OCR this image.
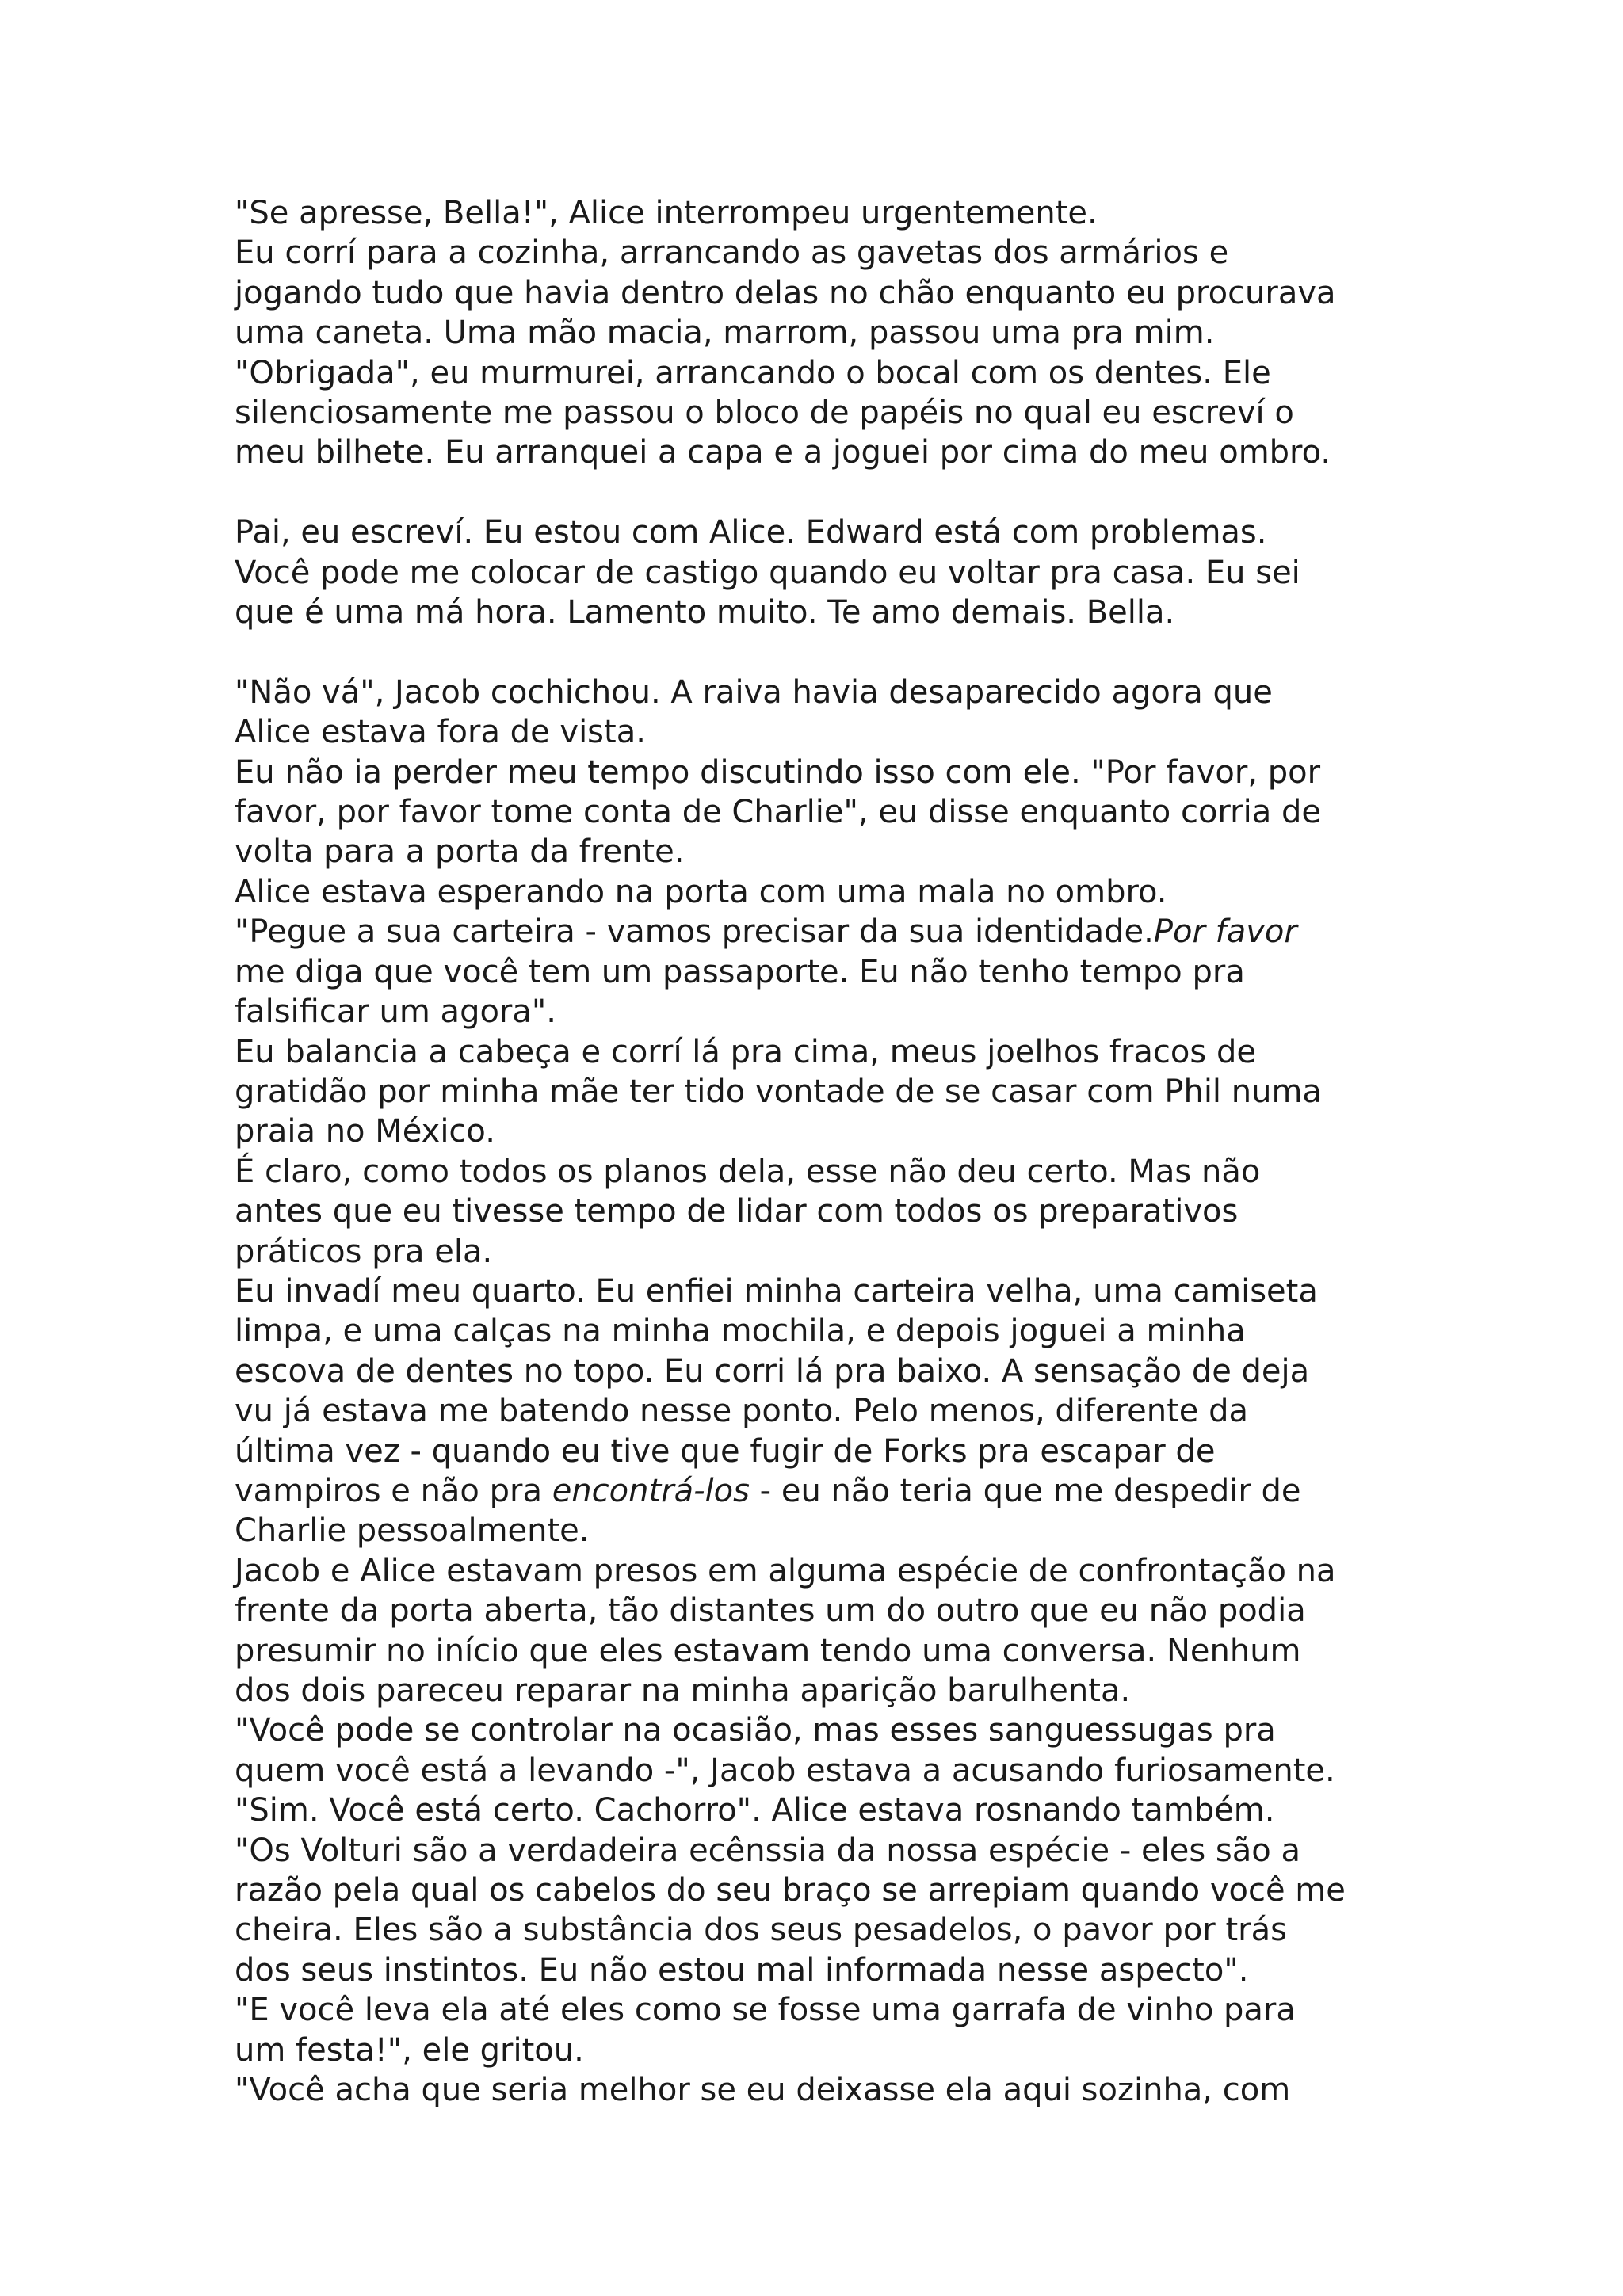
"Se apresse, Bella!", Alice interrompeu urgentemente.

Eu corrí para a cozinha, arrancando as gavetas dos armários e
jogando tudo que havia dentro delas no chão enquanto eu procurava
uma caneta. Uma mão macia, marrom, passou uma pra mim.

"Obrigada", eu murmurei, arrancando o bocal com os dentes. Ele
silenciosamente me passou o bloco de papéis no qual eu escreví o
meu bilhete. Eu arranquei a capa e a joguei por cima do meu ombro.

Pai, eu escreví. Eu estou com Alice. Edward está com problemas.
Você pode me colocar de castigo quando eu voltar pra casa. Eu sei
que é uma má hora. Lamento muito. Te amo demais. Bella.

"Não vá", Jacob cochichou. A raiva havia desaparecido agora que
Alice estava fora de vista.

Eu não ia perder meu tempo discutindo isso com ele. "Por favor, por
favor, por favor tome conta de Charlie", eu disse enquanto corria de
volta para a porta da frente.

Alice estava esperando na porta com uma mala no ombro.

"Pegue a sua carteira - vamos precisar da sua identidade.Por favor
me diga que você tem um passaporte. Eu não tenho tempo pra
falsificar um agora".

Eu balancia a cabeça e corrí lá pra cima, meus joelhos fracos de
gratidão por minha mãe ter tido vontade de se casar com Phil numa
praia no México.

É claro, como todos os planos dela, esse não deu certo. Mas não
antes que eu tivesse tempo de lidar com todos os preparativos
práticos pra ela.

Eu invadí meu quarto. Eu enfiei minha carteira velha, uma camiseta
limpa, e uma calças na minha mochila, e depois joguei a minha
escova de dentes no topo. Eu corri lá pra baixo. A sensação de deja
vu já estava me batendo nesse ponto. Pelo menos, diferente da
última vez - quando eu tive que fugir de Forks pra escapar de
vampiros e não pra encontrá-los - eu não teria que me despedir de
Charlie pessoalmente.

Jacob e Alice estavam presos em alguma espécie de confrontação na
frente da porta aberta, tão distantes um do outro que eu não podia
presumir no início que eles estavam tendo uma conversa. Nenhum
dos dois pareceu reparar na minha aparição barulhenta.

"Você pode se controlar na ocasião, mas esses sanguessugas pra
quem você está a levando -", Jacob estava a acusando furiosamente.

"Sim. Você está certo. Cachorro". Alice estava rosnando também.

"Os Volturi são a verdadeira ecênssia da nossa espécie - eles são a
razão pela qual os cabelos do seu braço se arrepiam quando você me
cheira. Eles são a substância dos seus pesadelos, o pavor por trás
dos seus instintos. Eu não estou mal informada nesse aspecto".

"E você leva ela até eles como se fosse uma garrafa de vinho para
um festa!", ele gritou.

"Você acha que seria melhor se eu deixasse ela aqui sozinha, com
